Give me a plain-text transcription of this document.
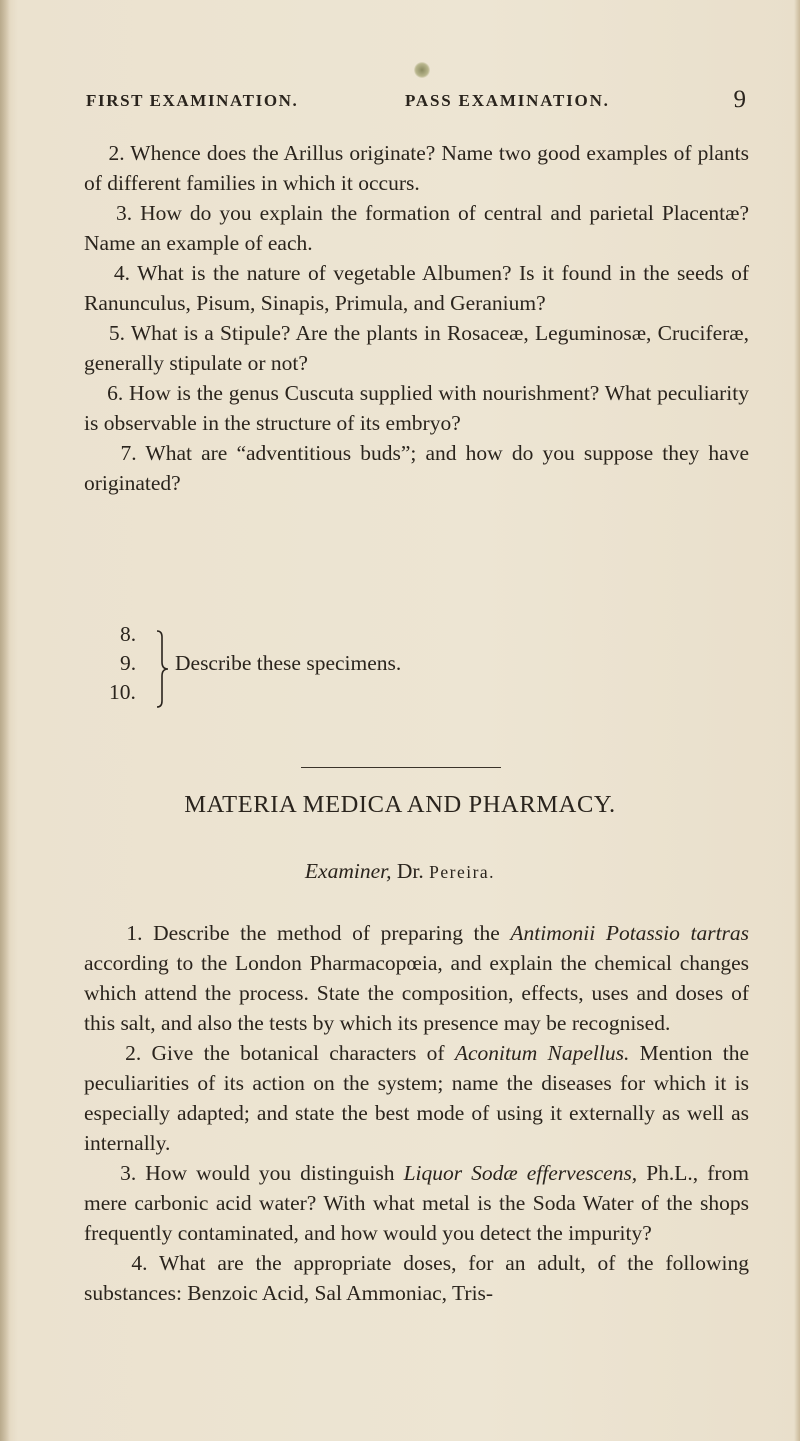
FIRST EXAMINATION.	PASS EXAMINATION.	9

2. Whence does the Arillus originate? Name two good examples of plants of different families in which it occurs.

3. How do you explain the formation of central and parietal Placentæ? Name an example of each.

4. What is the nature of vegetable Albumen? Is it found in the seeds of Ranunculus, Pisum, Sinapis, Primula, and Geranium?

5. What is a Stipule? Are the plants in Rosaceæ, Leguminosæ, Cruciferæ, generally stipulate or not?

6. How is the genus Cuscuta supplied with nourishment? What peculiarity is observable in the structure of its embryo?

7. What are “adventitious buds”; and how do you suppose they have originated?

8.
9.
10.
Describe these specimens.
MATERIA MEDICA AND PHARMACY.
Examiner, Dr. Pereira.

1. Describe the method of preparing the Antimonii Potassio tartras according to the London Pharmacopœia, and explain the chemical changes which attend the process. State the composition, effects, uses and doses of this salt, and also the tests by which its presence may be recognised.

2. Give the botanical characters of Aconitum Napellus. Mention the peculiarities of its action on the system; name the diseases for which it is especially adapted; and state the best mode of using it externally as well as internally.

3. How would you distinguish Liquor Sodæ effervescens, Ph.L., from mere carbonic acid water? With what metal is the Soda Water of the shops frequently contaminated, and how would you detect the impurity?

4. What are the appropriate doses, for an adult, of the following substances: Benzoic Acid, Sal Ammoniac, Tris-
